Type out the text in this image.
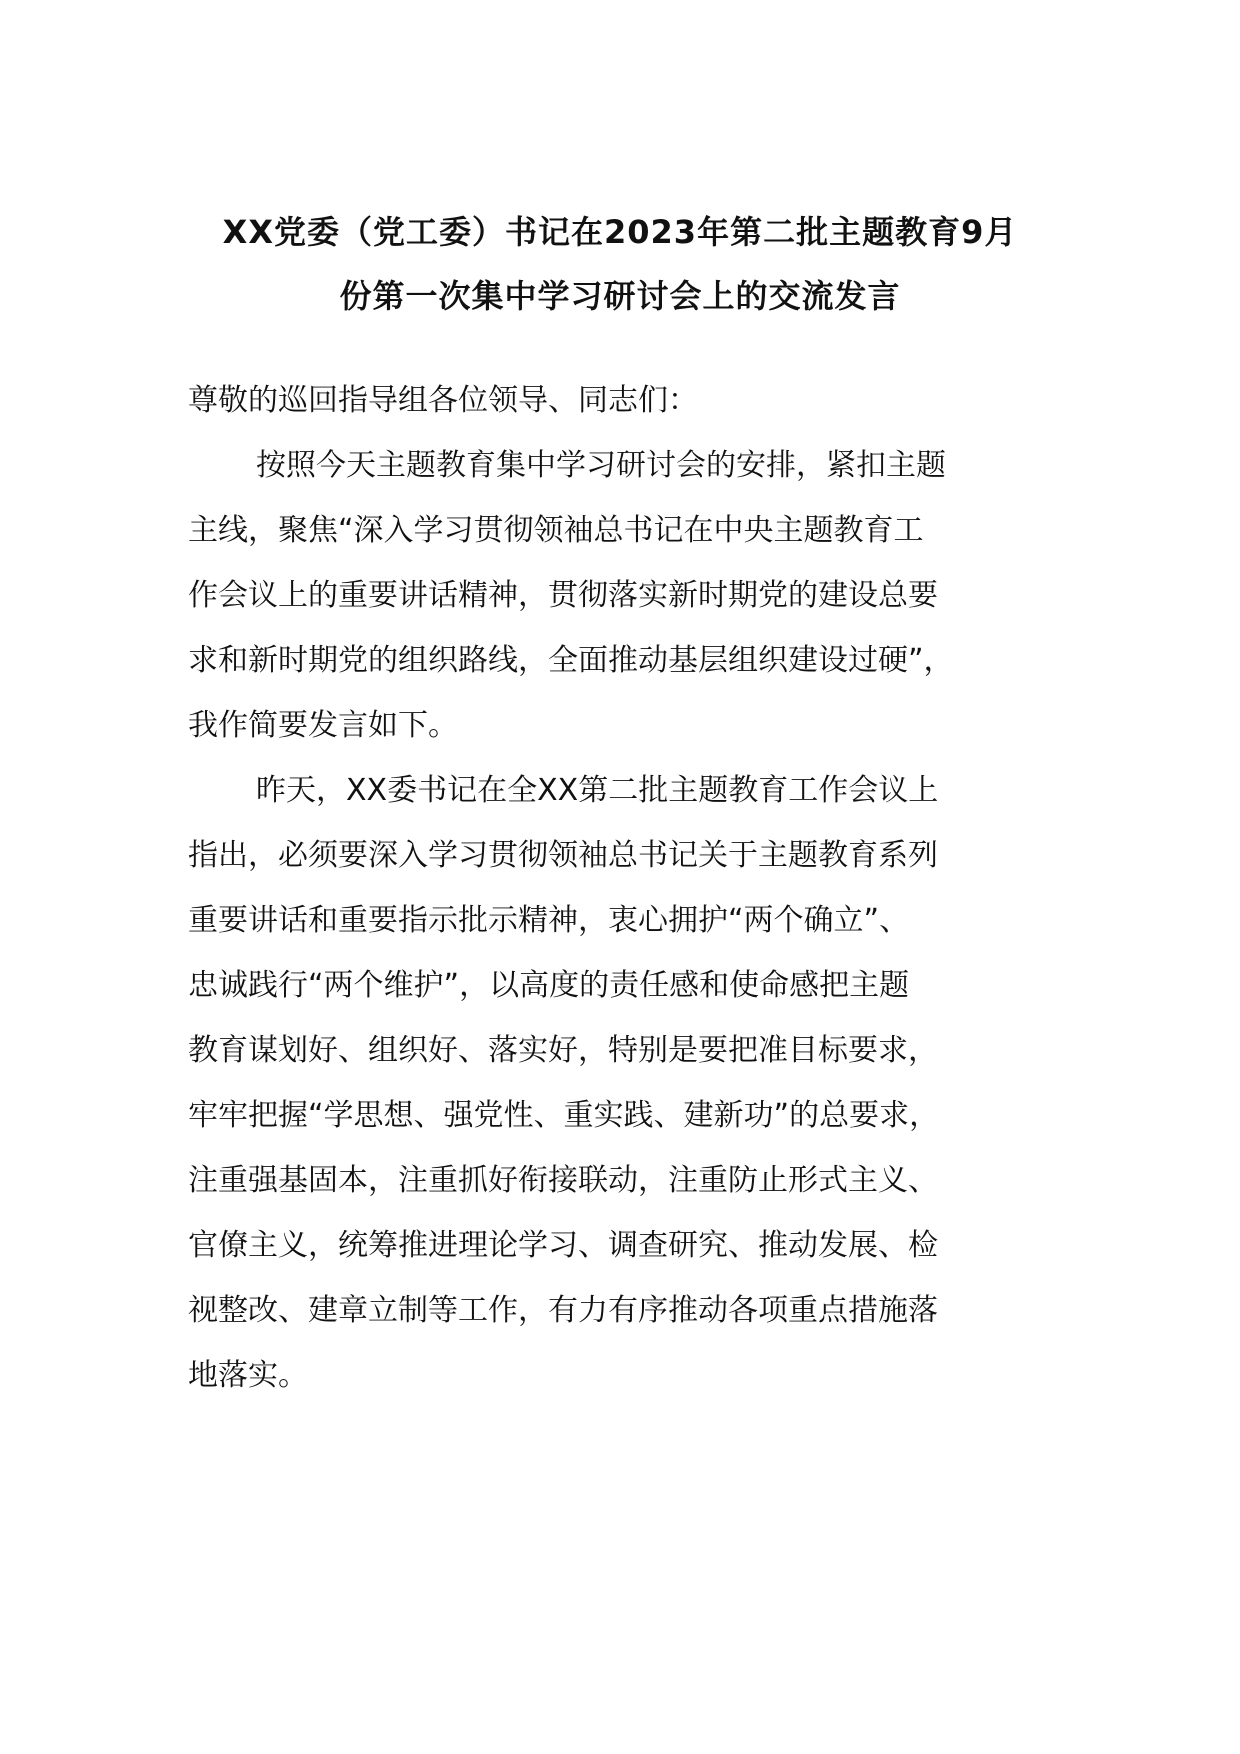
XX党委（党工委）书记在2023年第二批主题教育9月
份第一次集中学习研讨会上的交流发言
尊敬的巡回指导组各位领导、同志们：
按照今天主题教育集中学习研讨会的安排，紧扣主题
主线，聚焦“深入学习贯彻领袖总书记在中央主题教育工
作会议上的重要讲话精神，贯彻落实新时期党的建设总要
求和新时期党的组织路线，全面推动基层组织建设过硬”，
我作简要发言如下。
昨天，XX委书记在全XX第二批主题教育工作会议上
指出，必须要深入学习贯彻领袖总书记关于主题教育系列
重要讲话和重要指示批示精神，衷心拥护“两个确立”、
忠诚践行“两个维护”，以高度的责任感和使命感把主题
教育谋划好、组织好、落实好，特别是要把准目标要求，
牢牢把握“学思想、强党性、重实践、建新功”的总要求，
注重强基固本，注重抓好衔接联动，注重防止形式主义、
官僚主义，统筹推进理论学习、调查研究、推动发展、检
视整改、建章立制等工作，有力有序推动各项重点措施落
地落实。
